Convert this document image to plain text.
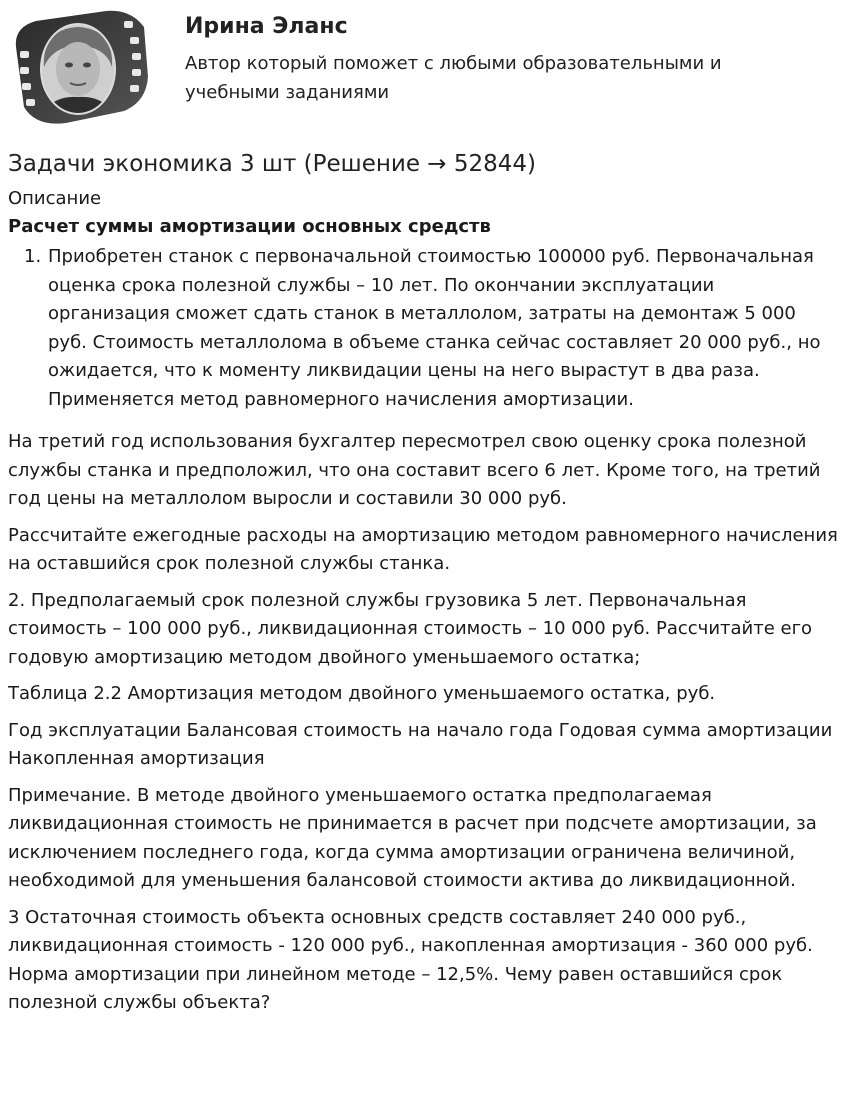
Ирина Эланс
Автор который поможет с любыми образовательными и учебными заданиями
Задачи экономика 3 шт (Решение → 52844)
Описание
Расчет суммы амортизации основных средств
1. Приобретен станок с первоначальной стоимостью 100000 руб. Первоначальная оценка срока полезной службы – 10 лет. По окончании эксплуатации организация сможет сдать станок в металлолом, затраты на демонтаж 5 000 руб. Стоимость металлолома в объеме станка сейчас составляет 20 000 руб., но ожидается, что к моменту ликвидации цены на него вырастут в два раза. Применяется метод равномерного начисления амортизации.

На третий год использования бухгалтер пересмотрел свою оценку срока полезной службы станка и предположил, что она составит всего 6 лет. Кроме того, на третий год цены на металлолом выросли и составили 30 000 руб.

Рассчитайте ежегодные расходы на амортизацию методом равномерного начисления на оставшийся срок полезной службы станка.

2. Предполагаемый срок полезной службы грузовика 5 лет. Первоначальная стоимость – 100 000 руб., ликвидационная стоимость – 10 000 руб. Рассчитайте его годовую амортизацию методом двойного уменьшаемого остатка;

Таблица 2.2 Амортизация методом двойного уменьшаемого остатка, руб.

Год эксплуатации Балансовая стоимость на начало года Годовая сумма амортизации Накопленная амортизация

Примечание. В методе двойного уменьшаемого остатка предполагаемая ликвидационная стоимость не принимается в расчет при подсчете амортизации, за исключением последнего года, когда сумма амортизации ограничена величиной, необходимой для уменьшения балансовой стоимости актива до ликвидационной.

3 Остаточная стоимость объекта основных средств составляет 240 000 руб., ликвидационная стоимость - 120 000 руб., накопленная амортизация - 360 000 руб. Норма амортизации при линейном методе – 12,5%. Чему равен оставшийся срок полезной службы объекта?
